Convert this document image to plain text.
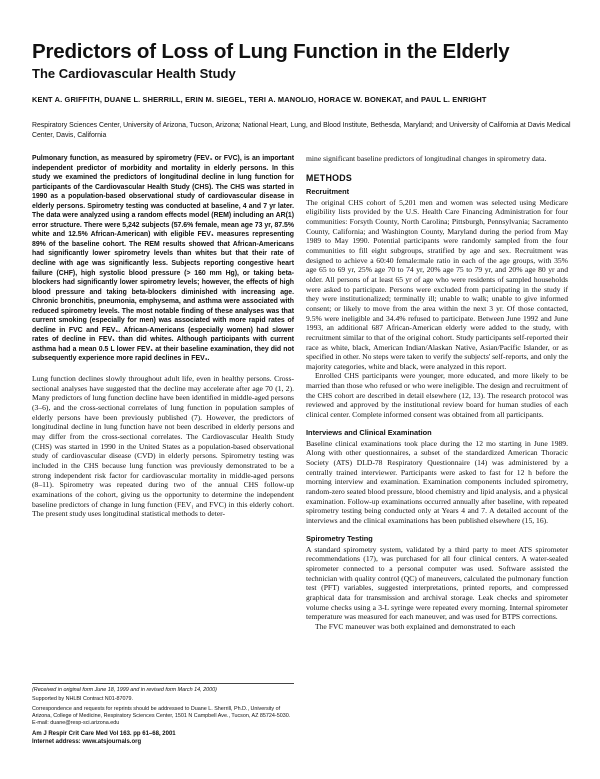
Predictors of Loss of Lung Function in the Elderly
The Cardiovascular Health Study
KENT A. GRIFFITH, DUANE L. SHERRILL, ERIN M. SIEGEL, TERI A. MANOLIO, HORACE W. BONEKAT, and PAUL L. ENRIGHT
Respiratory Sciences Center, University of Arizona, Tucson, Arizona; National Heart, Lung, and Blood Institute, Bethesda, Maryland; and University of California at Davis Medical Center, Davis, California

Pulmonary function, as measured by spirometry (FEV₁ or FVC), is an important independent predictor of morbidity and mortality in elderly persons. In this study we examined the predictors of longitudinal decline in lung function for participants of the Cardiovascular Health Study (CHS). The CHS was started in 1990 as a population-based observational study of cardiovascular disease in elderly persons. Spirometry testing was conducted at baseline, 4 and 7 yr later. The data were analyzed using a random effects model (REM) including an AR(1) error structure. There were 5,242 subjects (57.6% female, mean age 73 yr, 87.5% white and 12.5% African-American) with eligible FEV₁ measures representing 89% of the baseline cohort. The REM results showed that African-Americans had significantly lower spirometry levels than whites but that their rate of decline with age was significantly less. Subjects reporting congestive heart failure (CHF), high systolic blood pressure (> 160 mm Hg), or taking beta-blockers had significantly lower spirometry levels; however, the effects of high blood pressure and taking beta-blockers diminished with increasing age. Chronic bronchitis, pneumonia, emphysema, and asthma were associated with reduced spirometry levels. The most notable finding of these analyses was that current smoking (especially for men) was associated with more rapid rates of decline in FVC and FEV₁. African-Americans (especially women) had slower rates of decline in FEV₁ than did whites. Although participants with current asthma had a mean 0.5 L lower FEV₁ at their baseline examination, they did not subsequently experience more rapid declines in FEV₁.

Lung function declines slowly throughout adult life, even in healthy persons. Cross-sectional analyses have suggested that the decline may accelerate after age 70 (1, 2). Many predictors of lung function decline have been identified in middle-aged persons (3–6), and the cross-sectional correlates of lung function in population samples of elderly persons have been previously published (7). However, the predictors of longitudinal decline in lung function have not been described in elderly persons and may differ from the cross-sectional correlates. The Cardiovascular Health Study (CHS) was started in 1990 in the United States as a population-based observational study of cardiovascular disease (CVD) in elderly persons. Spirometry testing was included in the CHS because lung function was previously demonstrated to be a strong independent risk factor for cardiovascular mortality in middle-aged persons (8–11). Spirometry was repeated during two of the annual CHS follow-up examinations of the cohort, giving us the opportunity to determine the independent baseline predictors of change in lung function (FEV₁ and FVC) in this elderly cohort. The present study uses longitudinal statistical methods to deter-

(Received in original form June 18, 1999 and in revised form March 14, 2000)

Supported by NHLBI Contract N01-87079.

Correspondence and requests for reprints should be addressed to Duane L. Sherrill, Ph.D., University of Arizona, College of Medicine, Respiratory Sciences Center, 1501 N Campbell Ave., Tucson, AZ 85724-5030. E-mail: duane@resp-sci.arizona.edu

Am J Respir Crit Care Med Vol 163. pp 61–68, 2001

Internet address: www.atsjournals.org

mine significant baseline predictors of longitudinal changes in spirometry data.

METHODS
Recruitment

The original CHS cohort of 5,201 men and women was selected using Medicare eligibility lists provided by the U.S. Health Care Financing Administration for four communities: Forsyth County, North Carolina; Pittsburgh, Pennsylvania; Sacramento County, California; and Washington County, Maryland during the period from May 1989 to May 1990. Potential participants were randomly sampled from the four communities to fill eight subgroups, stratified by age and sex. Recruitment was designed to achieve a 60:40 female:male ratio in each of the age groups, with 35% age 65 to 69 yr, 25% age 70 to 74 yr, 20% age 75 to 79 yr, and 20% age 80 yr and older. All persons of at least 65 yr of age who were residents of sampled households were asked to participate. Persons were excluded from participating in the study if they were institutionalized; terminally ill; unable to walk; unable to give informed consent; or likely to move from the area within the next 3 yr. Of those contacted, 9.5% were ineligible and 34.4% refused to participate. Between June 1992 and June 1993, an additional 687 African-American elderly were added to the study, with recruitment similar to that of the original cohort. Study participants self-reported their race as white, black, American Indian/Alaskan Native, Asian/Pacific Islander, or as specified in other. No steps were taken to verify the subjects' self-reports, and only the majority categories, white and black, were analyzed in this report.

Enrolled CHS participants were younger, more educated, and more likely to be married than those who refused or who were ineligible. The design and recruitment of the CHS cohort are described in detail elsewhere (12, 13). The research protocol was reviewed and approved by the institutional review board for human studies of each clinical center. Complete informed consent was obtained from all participants.

Interviews and Clinical Examination

Baseline clinical examinations took place during the 12 mo starting in June 1989. Along with other questionnaires, a subset of the standardized American Thoracic Society (ATS) DLD-78 Respiratory Questionnaire (14) was administered by a centrally trained interviewer. Participants were asked to fast for 12 h before the morning interview and examination. Examination components included spirometry, random-zero seated blood pressure, blood chemistry and lipid analysis, and a physical examination. Follow-up examinations occurred annually after baseline, with repeated spirometry testing being conducted only at Years 4 and 7. A detailed account of the interviews and the clinical examinations has been published elsewhere (15, 16).

Spirometry Testing

A standard spirometry system, validated by a third party to meet ATS spirometer recommendations (17), was purchased for all four clinical centers. A water-sealed spirometer connected to a personal computer was used. Software assisted the technician with quality control (QC) of maneuvers, calculated the pulmonary function test (PFT) variables, suggested interpretations, printed reports, and compressed graphical data for transmission and archival storage. Leak checks and spirometer volume checks using a 3-L syringe were repeated every morning. Internal spirometer temperature was measured for each maneuver, and was used for BTPS corrections.

The FVC maneuver was both explained and demonstrated to each
